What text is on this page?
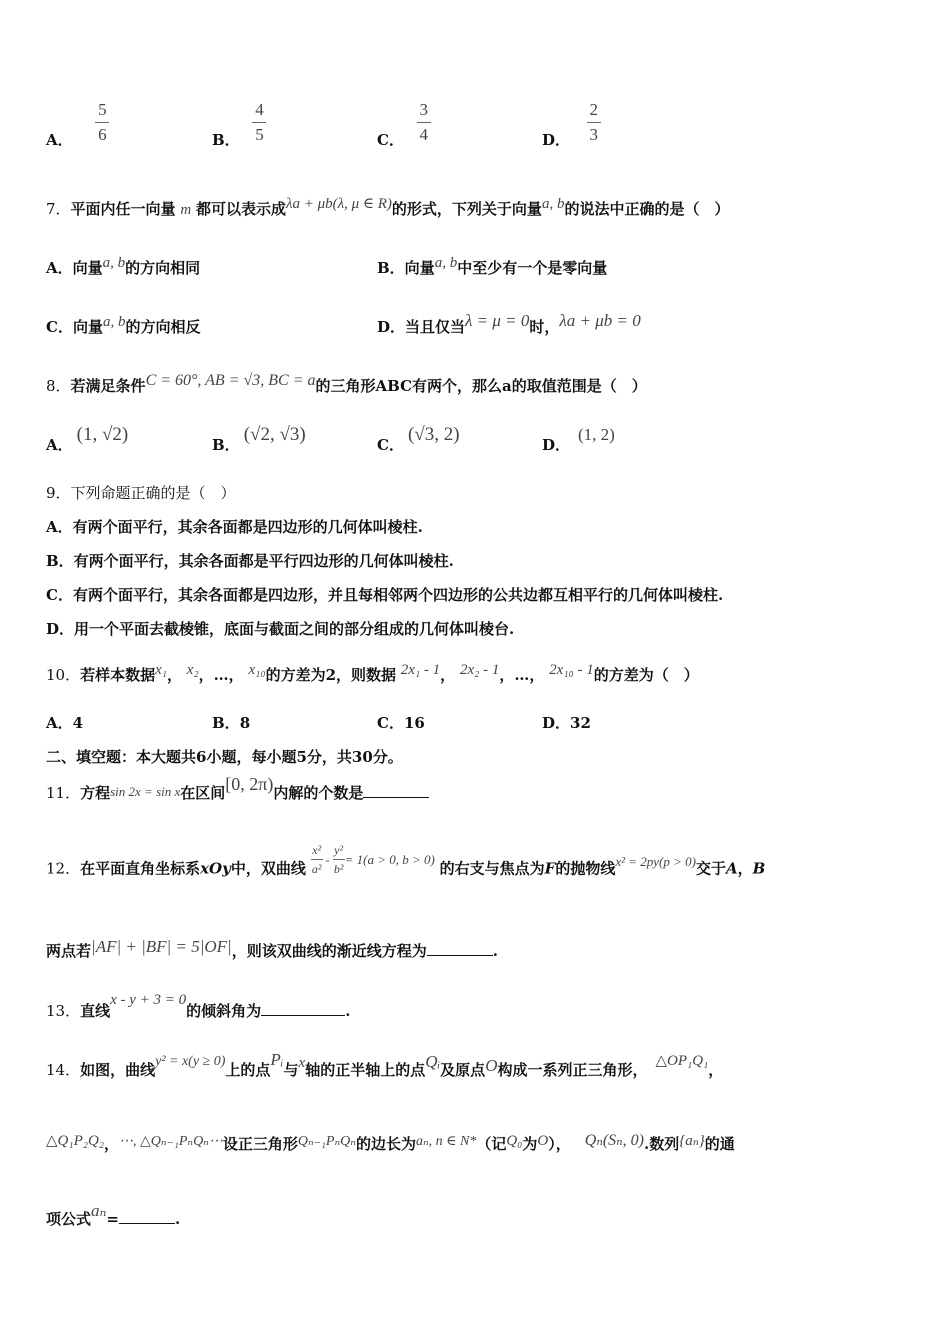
A． $\frac{5}{6}$	B． $\frac{4}{5}$	C． $\frac{3}{4}$	D． $\frac{2}{3}$
7．平面内任一向量 m 都可以表示成λa + μb(λ, μ ∈ R)的形式，下列关于向量a, b的说法中正确的是（　）
A．向量a, b的方向相同	B．向量a, b中至少有一个是零向量
C．向量a, b的方向相反	D．当且仅当λ = μ = 0时，λa + μb = 0
8．若满足条件C = 60°, AB = √3, BC = a的三角形ABC有两个，那么a的取值范围是（　）
A． (1, √2)	B． (√2, √3)	C． (√3, 2)	D．(1, 2)
9．下列命题正确的是（　）
A．有两个面平行，其余各面都是四边形的几何体叫棱柱.
B．有两个面平行，其余各面都是平行四边形的几何体叫棱柱.
C．有两个面平行，其余各面都是四边形，并且每相邻两个四边形的公共边都互相平行的几何体叫棱柱.
D．用一个平面去截棱锥，底面与截面之间的部分组成的几何体叫棱台.
10．若样本数据x₁， x₂，…， x₁₀的方差为2，则数据 2x₁ - 1， 2x₂ - 1，…， 2x₁₀ - 1的方差为（　）
A．4	B．8	C．16	D．32
二、填空题：本大题共6小题，每小题5分，共30分。
11．方程sin 2x = sin x在区间[0, 2π)内解的个数是
12．在平面直角坐标系xOy中，双曲线 $\frac{\text{x²}}{\text{a²}} ^- \frac{\text{y²}}{\text{b²}}= 1(a > 0$, b > 0) 的右支与焦点为F的抛物线x² = 2py(p > 0)交于A，B
两点若|AF| + |BF| = 5|OF|，则该双曲线的渐近线方程为	.
13．直线x - y + 3 = 0的倾斜角为	.
14．如图，曲线y² = x(y ≥ 0)上的点Pᵢ与x轴的正半轴上的点Qᵢ及原点O构成一系列正三角形， △OP₁Q₁，
△Q₁P₂Q₂，⋯, △Qₙ₋₁PₙQₙ⋯设正三角形Qₙ₋₁PₙQₙ的边长为aₙ, n ∈ N*（记Q₀为O）， Qₙ(Sₙ, 0).数列{aₙ}的通
项公式aₙ=	.
